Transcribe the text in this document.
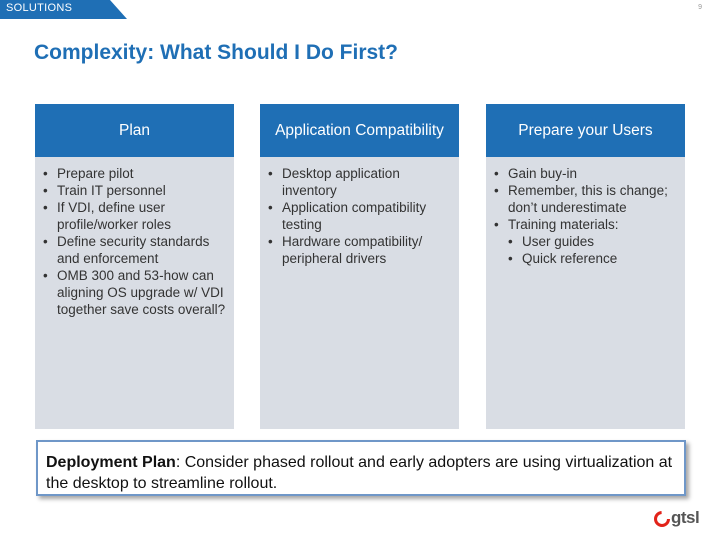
SOLUTIONS	9
Complexity: What Should I Do First?
Plan
• Prepare pilot
• Train IT personnel
• If VDI, define user profile/worker roles
• Define security standards and enforcement
• OMB 300 and 53-how can aligning OS upgrade w/ VDI together save costs overall?
Application Compatibility
• Desktop application inventory
• Application compatibility testing
• Hardware compatibility/ peripheral drivers
Prepare your Users
• Gain buy-in
• Remember, this is change; don’t underestimate
• Training materials:
• User guides
• Quick reference
Deployment Plan: Consider phased rollout and early adopters are using virtualization at the desktop to streamline rollout.
gtsl
